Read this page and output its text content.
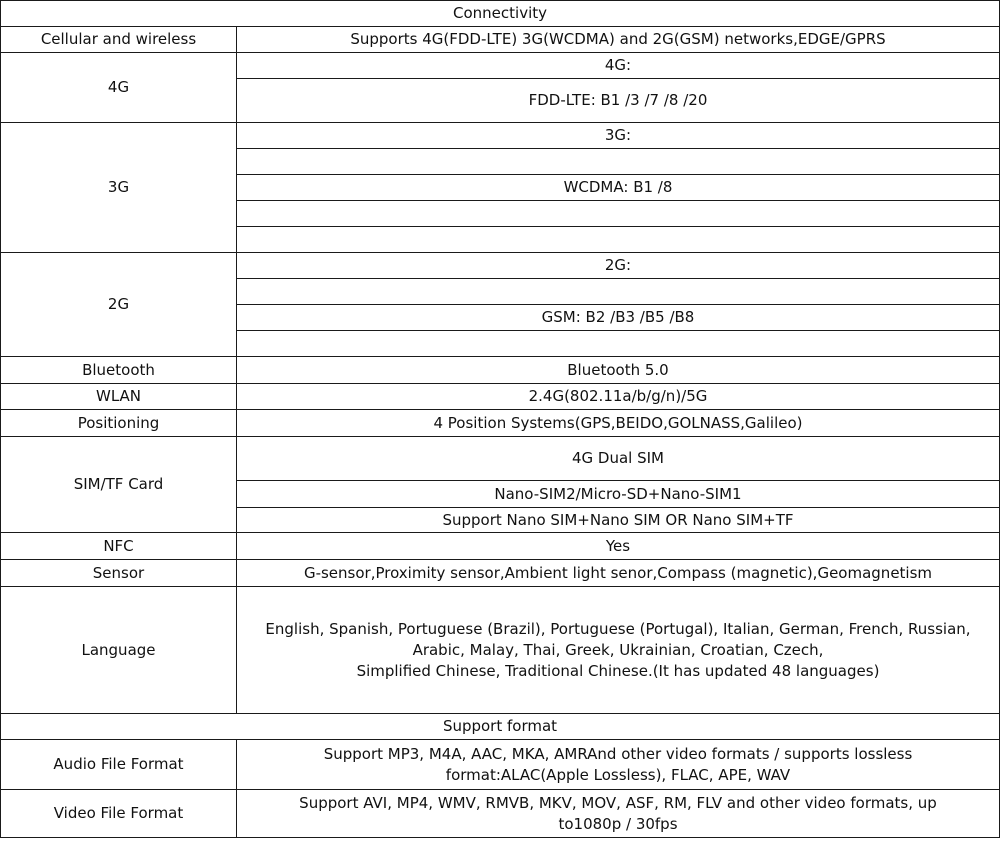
Connectivity	
Cellular and wireless	Supports 4G(FDD-LTE) 3G(WCDMA) and 2G(GSM) networks,EDGE/GPRS
4G	4G:
	FDD-LTE: B1 /3 /7 /8 /20
3G	3G:

	WCDMA: B1 /8

2G	2G:

	GSM: B2 /B3 /B5 /B8

Bluetooth	Bluetooth 5.0
WLAN	2.4G(802.11a/b/g/n)/5G
Positioning	4 Position Systems(GPS,BEIDO,GOLNASS,Galileo)
SIM/TF Card	4G Dual SIM
	Nano-SIM2/Micro-SD+Nano-SIM1
	Support Nano SIM+Nano SIM OR Nano SIM+TF
NFC	Yes
Sensor	G-sensor,Proximity sensor,Ambient light senor,Compass (magnetic),Geomagnetism
Language	English, Spanish, Portuguese (Brazil), Portuguese (Portugal), Italian, German, French, Russian,
Arabic, Malay, Thai, Greek, Ukrainian, Croatian, Czech,
Simplified Chinese, Traditional Chinese.(It has updated 48 languages)

Support format	
Audio File Format	Support MP3, M4A, AAC, MKA, AMRAnd other video formats / supports lossless
format:ALAC(Apple Lossless), FLAC, APE, WAV

Video File Format	Support AVI, MP4, WMV, RMVB, MKV, MOV, ASF, RM, FLV and other video formats, up
to1080p / 30fps
